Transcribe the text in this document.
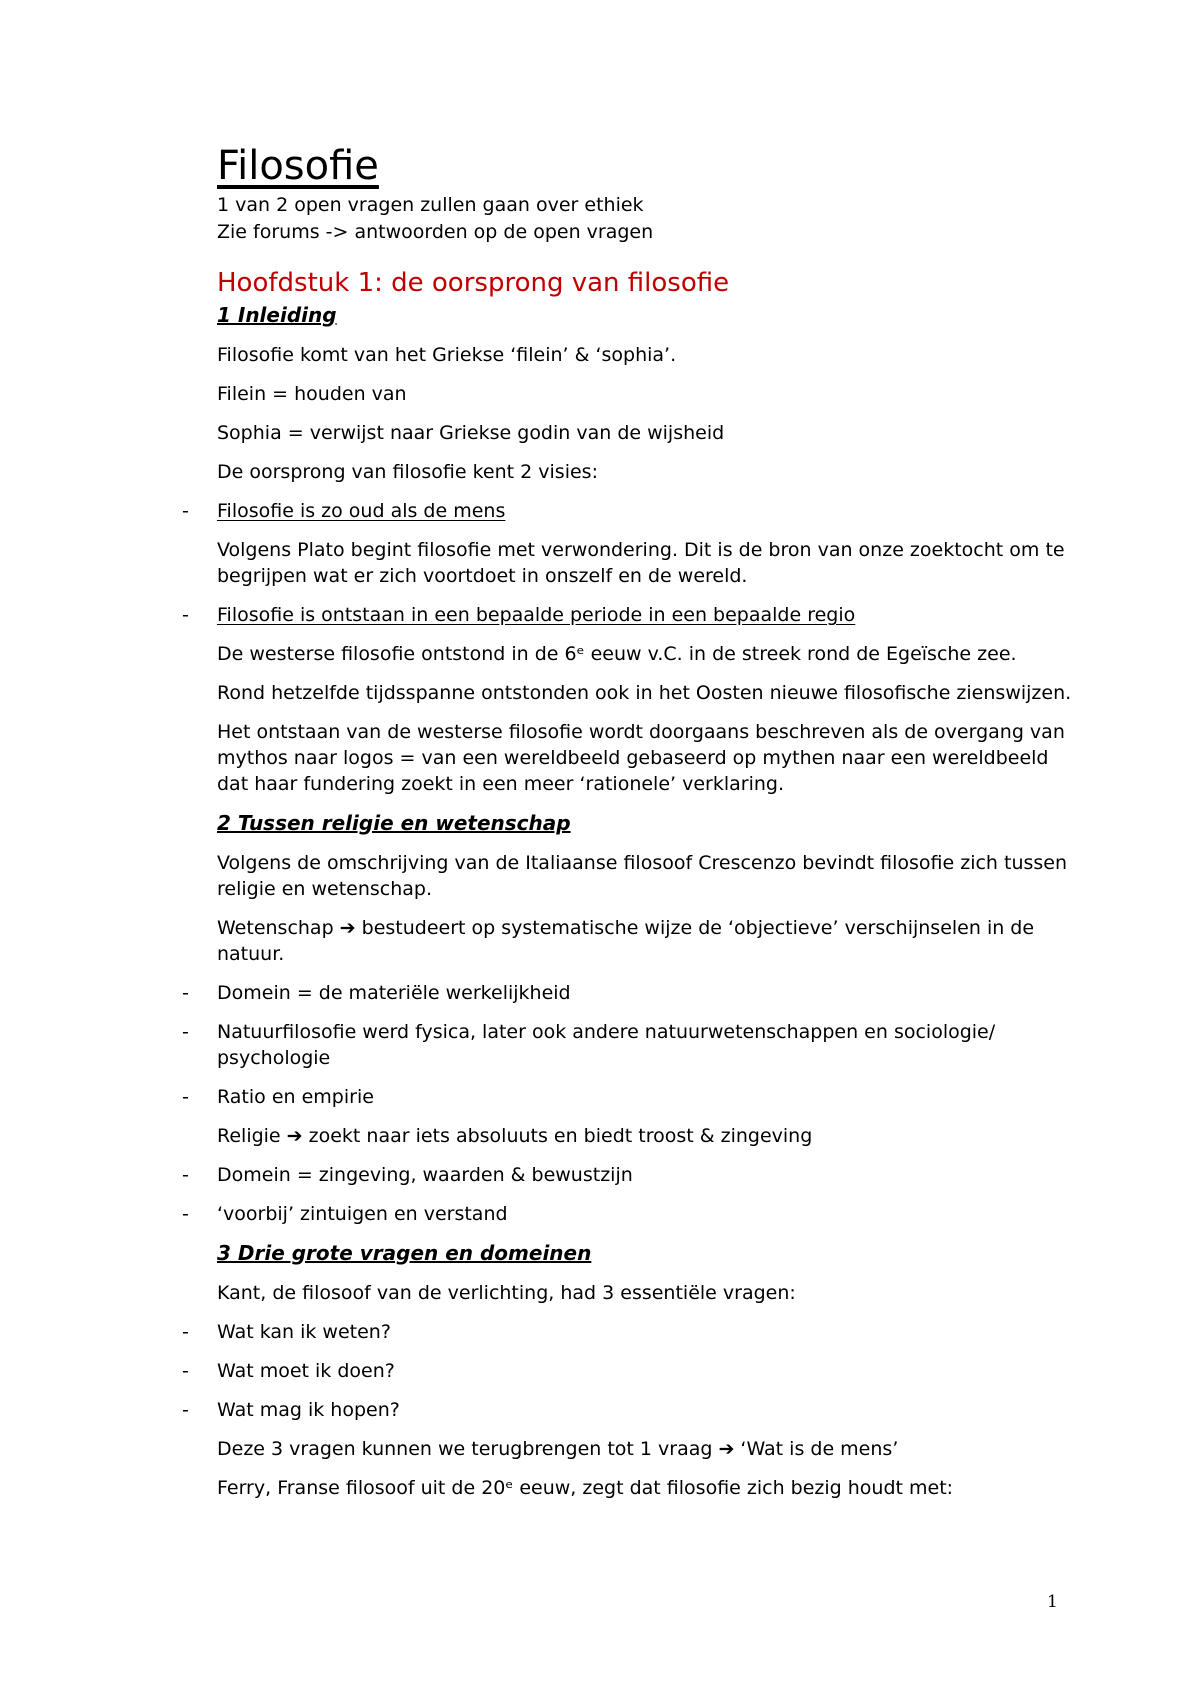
Filosofie

1 van 2 open vragen zullen gaan over ethiek

Zie forums -> antwoorden op de open vragen

Hoofdstuk 1: de oorsprong van filosofie
1 Inleiding

Filosofie komt van het Griekse ‘filein’ & ‘sophia’.

Filein = houden van

Sophia = verwijst naar Griekse godin van de wijsheid

De oorsprong van filosofie kent 2 visies:

- Filosofie is zo oud als de mens

Volgens Plato begint filosofie met verwondering. Dit is de bron van onze zoektocht om te begrijpen wat er zich voortdoet in onszelf en de wereld.

- Filosofie is ontstaan in een bepaalde periode in een bepaalde regio

De westerse filosofie ontstond in de 6ᵉ eeuw v.C. in de streek rond de Egeïsche zee.

Rond hetzelfde tijdsspanne ontstonden ook in het Oosten nieuwe filosofische zienswijzen.

Het ontstaan van de westerse filosofie wordt doorgaans beschreven als de overgang van mythos naar logos = van een wereldbeeld gebaseerd op mythen naar een wereldbeeld dat haar fundering zoekt in een meer ‘rationele’ verklaring.

2 Tussen religie en wetenschap

Volgens de omschrijving van de Italiaanse filosoof Crescenzo bevindt filosofie zich tussen religie en wetenschap.

Wetenschap ➔ bestudeert op systematische wijze de ‘objectieve’ verschijnselen in de natuur.

- Domein = de materiële werkelijkheid
- Natuurfilosofie werd fysica, later ook andere natuurwetenschappen en sociologie/ psychologie
- Ratio en empirie

Religie ➔ zoekt naar iets absoluuts en biedt troost & zingeving

- Domein = zingeving, waarden & bewustzijn
- ‘voorbij’ zintuigen en verstand
3 Drie grote vragen en domeinen

Kant, de filosoof van de verlichting, had 3 essentiële vragen:

- Wat kan ik weten?
- Wat moet ik doen?
- Wat mag ik hopen?

Deze 3 vragen kunnen we terugbrengen tot 1 vraag ➔ ‘Wat is de mens’

Ferry, Franse filosoof uit de 20ᵉ eeuw, zegt dat filosofie zich bezig houdt met:

1
